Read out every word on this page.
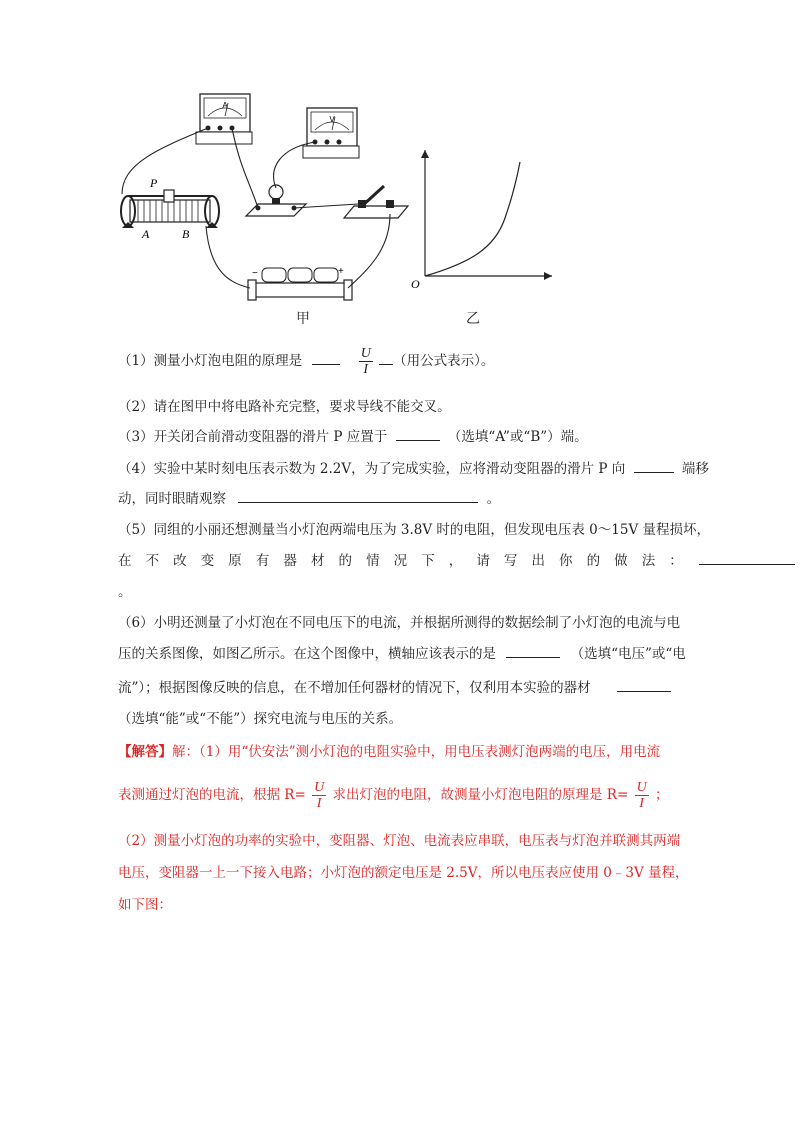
A
V
P
A	B
−	+
O
甲	乙
（1）测量小灯泡电阻的原理是	$\frac{U}{I}$ （用公式表示）。
（2）请在图甲中将电路补充完整，要求导线不能交叉。
（3）开关闭合前滑动变阻器的滑片 P 应置于	（选填“A”或“B”）端。
（4）实验中某时刻电压表示数为 2.2V，为了完成实验，应将滑动变阻器的滑片 P 向	端移
动，同时眼睛观察	。
（5）同组的小丽还想测量当小灯泡两端电压为 3.8V 时的电阻，但发现电压表 0～15V 量程损坏，
在 不 改 变 原 有 器 材 的 情 况 下 ， 请 写 出 你 的 做 法 ：

。
（6）小明还测量了小灯泡在不同电压下的电流，并根据所测得的数据绘制了小灯泡的电流与电
压的关系图像，如图乙所示。在这个图像中，横轴应该表示的是	（选填“电压”或“电
流”）；根据图像反映的信息，在不增加任何器材的情况下，仅利用本实验的器材
（选填“能”或“不能”）探究电流与电压的关系。
【解答】解：（1）用“伏安法”测小灯泡的电阻实验中，用电压表测灯泡两端的电压，用电流
表测通过灯泡的电流，根据 $R= \frac{U}{I}$ 求出灯泡的电阻，故测量小灯泡电阻的原理是 $R= \frac{U}{I}$ ；
（2）测量小灯泡的功率的实验中，变阻器、灯泡、电流表应串联，电压表与灯泡并联测其两端
电压，变阻器一上一下接入电路；小灯泡的额定电压是 2.5V，所以电压表应使用 0﹣3V 量程，
如下图：
